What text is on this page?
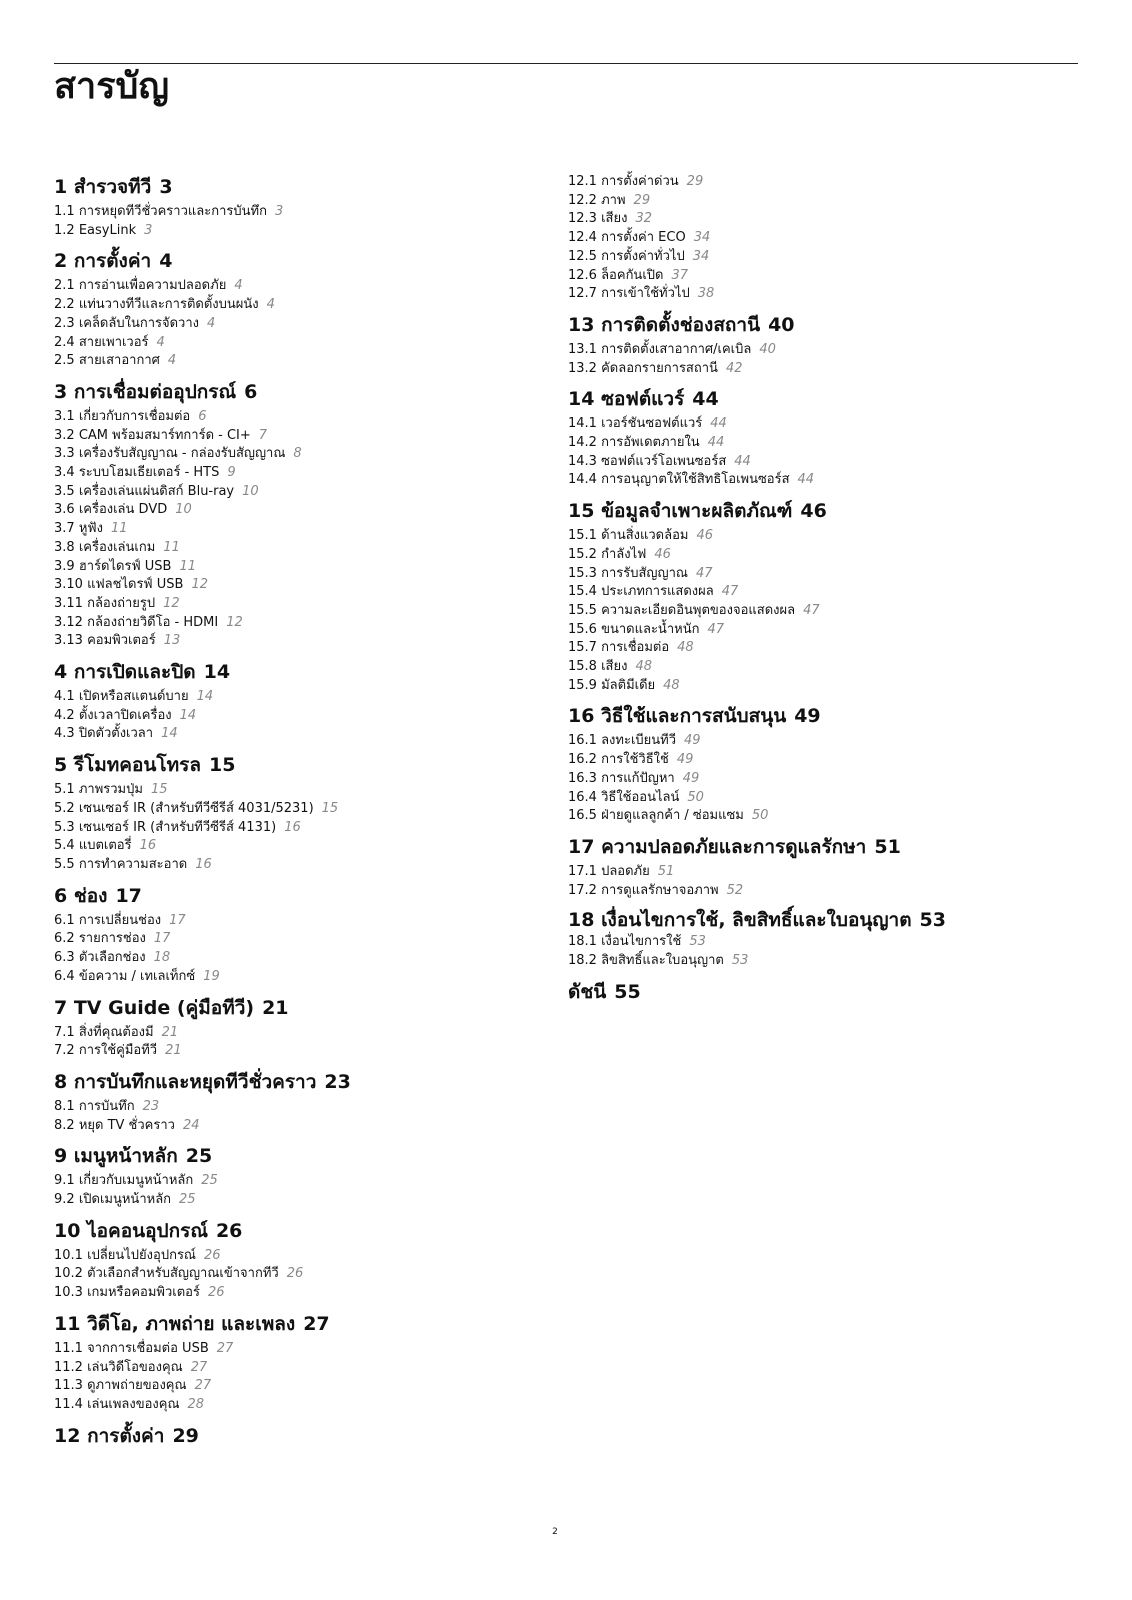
สารบัญ
1 สำรวจทีวี 3
1.1 การหยุดทีวีชั่วคราวและการบันทึก 3
1.2 EasyLink 3
2 การตั้งค่า 4
2.1 การอ่านเพื่อความปลอดภัย 4
2.2 แท่นวางทีวีและการติดตั้งบนผนัง 4
2.3 เคล็ดลับในการจัดวาง 4
2.4 สายเพาเวอร์ 4
2.5 สายเสาอากาศ 4
3 การเชื่อมต่ออุปกรณ์ 6
3.1 เกี่ยวกับการเชื่อมต่อ 6
3.2 CAM พร้อมสมาร์ทการ์ด - CI+ 7
3.3 เครื่องรับสัญญาณ - กล่องรับสัญญาณ 8
3.4 ระบบโฮมเธียเตอร์ - HTS 9
3.5 เครื่องเล่นแผ่นดิสก์ Blu-ray 10
3.6 เครื่องเล่น DVD 10
3.7 หูฟัง 11
3.8 เครื่องเล่นเกม 11
3.9 ฮาร์ดไดรฟ์ USB 11
3.10 แฟลชไดรฟ์ USB 12
3.11 กล้องถ่ายรูป 12
3.12 กล้องถ่ายวิดีโอ - HDMI 12
3.13 คอมพิวเตอร์ 13
4 การเปิดและปิด 14
4.1 เปิดหรือสแตนด์บาย 14
4.2 ตั้งเวลาปิดเครื่อง 14
4.3 ปิดตัวตั้งเวลา 14
5 รีโมทคอนโทรล 15
5.1 ภาพรวมปุ่ม 15
5.2 เซนเซอร์ IR (สำหรับทีวีซีรีส์ 4031/5231) 15
5.3 เซนเซอร์ IR (สำหรับทีวีซีรีส์ 4131) 16
5.4 แบตเตอรี่ 16
5.5 การทำความสะอาด 16
6 ช่อง 17
6.1 การเปลี่ยนช่อง 17
6.2 รายการช่อง 17
6.3 ตัวเลือกช่อง 18
6.4 ข้อความ / เทเลเท็กซ์ 19
7 TV Guide (คู่มือทีวี) 21
7.1 สิ่งที่คุณต้องมี 21
7.2 การใช้คู่มือทีวี 21
8 การบันทึกและหยุดทีวีชั่วคราว 23
8.1 การบันทึก 23
8.2 หยุด TV ชั่วคราว 24
9 เมนูหน้าหลัก 25
9.1 เกี่ยวกับเมนูหน้าหลัก 25
9.2 เปิดเมนูหน้าหลัก 25
10 ไอคอนอุปกรณ์ 26
10.1 เปลี่ยนไปยังอุปกรณ์ 26
10.2 ตัวเลือกสำหรับสัญญาณเข้าจากทีวี 26
10.3 เกมหรือคอมพิวเตอร์ 26
11 วิดีโอ, ภาพถ่าย และเพลง 27
11.1 จากการเชื่อมต่อ USB 27
11.2 เล่นวิดีโอของคุณ 27
11.3 ดูภาพถ่ายของคุณ 27
11.4 เล่นเพลงของคุณ 28
12 การตั้งค่า 29
12.1 การตั้งค่าด่วน 29
12.2 ภาพ 29
12.3 เสียง 32
12.4 การตั้งค่า ECO 34
12.5 การตั้งค่าทั่วไป 34
12.6 ล็อคกันเปิด 37
12.7 การเข้าใช้ทั่วไป 38
13 การติดตั้งช่องสถานี 40
13.1 การติดตั้งเสาอากาศ/เคเบิล 40
13.2 คัดลอกรายการสถานี 42
14 ซอฟต์แวร์ 44
14.1 เวอร์ชันซอฟต์แวร์ 44
14.2 การอัพเดตภายใน 44
14.3 ซอฟต์แวร์โอเพนซอร์ส 44
14.4 การอนุญาตให้ใช้สิทธิโอเพนซอร์ส 44
15 ข้อมูลจำเพาะผลิตภัณฑ์ 46
15.1 ด้านสิ่งแวดล้อม 46
15.2 กำลังไฟ 46
15.3 การรับสัญญาณ 47
15.4 ประเภทการแสดงผล 47
15.5 ความละเอียดอินพุตของจอแสดงผล 47
15.6 ขนาดและน้ำหนัก 47
15.7 การเชื่อมต่อ 48
15.8 เสียง 48
15.9 มัลติมีเดีย 48
16 วิธีใช้และการสนับสนุน 49
16.1 ลงทะเบียนทีวี 49
16.2 การใช้วิธีใช้ 49
16.3 การแก้ปัญหา 49
16.4 วิธีใช้ออนไลน์ 50
16.5 ฝ่ายดูแลลูกค้า / ซ่อมแซม 50
17 ความปลอดภัยและการดูแลรักษา 51
17.1 ปลอดภัย 51
17.2 การดูแลรักษาจอภาพ 52
18 เงื่อนไขการใช้, ลิขสิทธิ์และใบอนุญาต 53
18.1 เงื่อนไขการใช้ 53
18.2 ลิขสิทธิ์และใบอนุญาต 53
ดัชนี 55
2
